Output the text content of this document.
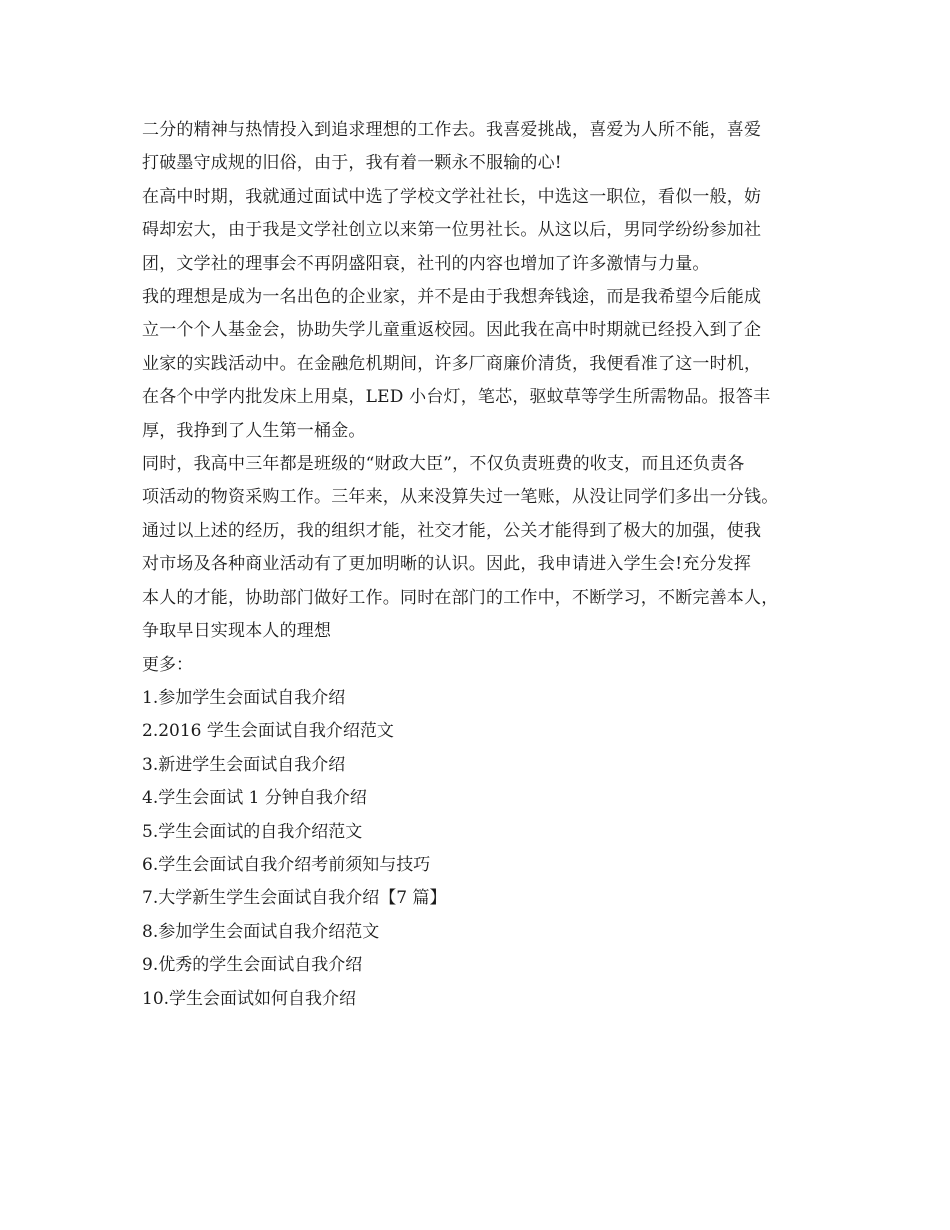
二分的精神与热情投入到追求理想的工作去。我喜爱挑战，喜爱为人所不能，喜爱
打破墨守成规的旧俗，由于，我有着一颗永不服输的心!

在高中时期，我就通过面试中选了学校文学社社长，中选这一职位，看似一般，妨
碍却宏大，由于我是文学社创立以来第一位男社长。从这以后，男同学纷纷参加社
团，文学社的理事会不再阴盛阳衰，社刊的内容也增加了许多激情与力量。

我的理想是成为一名出色的企业家，并不是由于我想奔钱途，而是我希望今后能成
立一个个人基金会，协助失学儿童重返校园。因此我在高中时期就已经投入到了企
业家的实践活动中。在金融危机期间，许多厂商廉价清货，我便看准了这一时机，
在各个中学内批发床上用桌，LED 小台灯，笔芯，驱蚊草等学生所需物品。报答丰
厚，我挣到了人生第一桶金。

同时，我高中三年都是班级的“财政大臣”，不仅负责班费的收支，而且还负责各
项活动的物资采购工作。三年来，从来没算失过一笔账，从没让同学们多出一分钱。
通过以上述的经历，我的组织才能，社交才能，公关才能得到了极大的加强，使我
对市场及各种商业活动有了更加明晰的认识。因此，我申请进入学生会!充分发挥
本人的才能，协助部门做好工作。同时在部门的工作中，不断学习，不断完善本人，
争取早日实现本人的理想

更多：
1.参加学生会面试自我介绍
2.2016 学生会面试自我介绍范文
3.新进学生会面试自我介绍
4.学生会面试 1 分钟自我介绍
5.学生会面试的自我介绍范文
6.学生会面试自我介绍考前须知与技巧
7.大学新生学生会面试自我介绍【7 篇】
8.参加学生会面试自我介绍范文
9.优秀的学生会面试自我介绍
10.学生会面试如何自我介绍
